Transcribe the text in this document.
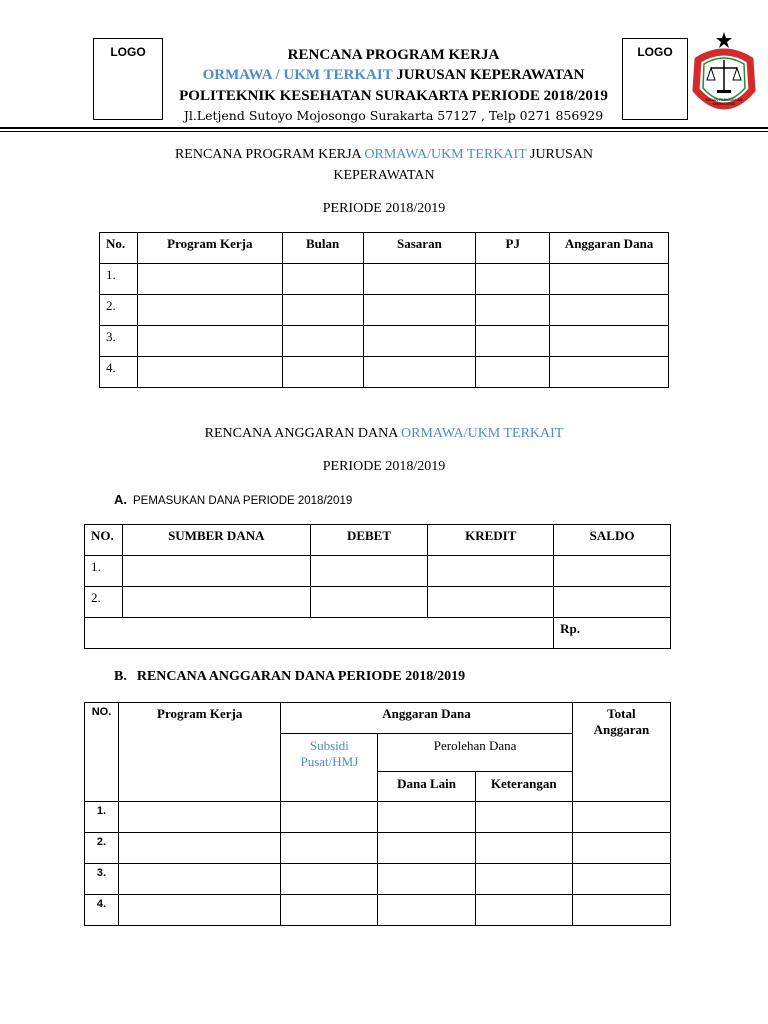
LOGO	LOGO
BADAN PERWAKILAN
MAHASISWA
RENCANA PROGRAM KERJA
ORMAWA / UKM TERKAIT JURUSAN KEPERAWATAN
POLITEKNIK KESEHATAN SURAKARTA PERIODE 2018/2019
Jl.Letjend Sutoyo Mojosongo Surakarta 57127 , Telp 0271 856929
RENCANA PROGRAM KERJA ORMAWA/UKM TERKAIT JURUSAN
KEPERAWATAN
PERIODE 2018/2019
No.	Program Kerja	Bulan	Sasaran	PJ	Anggaran Dana
1.					
2.					
3.					
4.					
RENCANA ANGGARAN DANA ORMAWA/UKM TERKAIT
PERIODE 2018/2019
A. PEMASUKAN DANA PERIODE 2018/2019
NO.	SUMBER DANA	DEBET	KREDIT	SALDO
1.				
2.				
				Rp.
B. RENCANA ANGGARAN DANA PERIODE 2018/2019
NO.	Program Kerja	Anggaran Dana			Total Anggaran
		Subsidi Pusat/HMJ	Perolehan Dana		
			Dana Lain	Keterangan	
1.					
2.					
3.					
4.					
